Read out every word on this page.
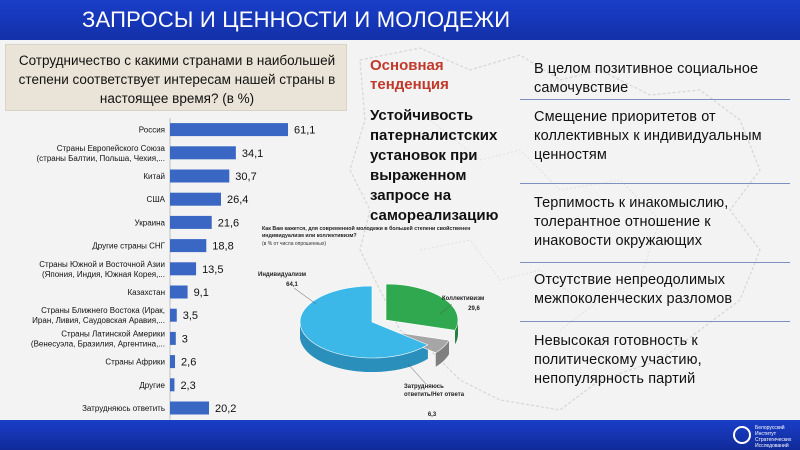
ЗАПРОСЫ И ЦЕННОСТИ И МОЛОДЕЖИ
Сотрудничество с какими странами в наибольшей степени соответствует интересам нашей страны в настоящее время? (в %)
61,1
Россия
34,1
Страны Европейского Союза (страны Балтии, Польша, Чехия,...
30,7
Китай
26,4
США
21,6
Украина
18,8
Другие страны СНГ
13,5
Страны Южной и Восточной Азии (Япония, Индия, Южная Корея,...
9,1
Казахстан
3,5
Страны Ближнего Востока (Ирак, Иран, Ливия, Саудовская Аравия,...
3
Страны Латинской Америки (Венесуэла, Бразилия, Аргентина,...
2,6
Страны Африки
2,3
Другие
20,2
Затрудняюсь ответить

Основная тенденция

Устойчивость патерналистских установок при выраженном запросе на самореализацию

В целом позитивное социальное самочувствие
Смещение приоритетов от коллективных к индивидуальным ценностям
Терпимость к инакомыслию, толерантное отношение к инаковости окружающих
Отсутствие непреодолимых межпоколенческих разломов
Невысокая готовность к политическому участию, непопулярность партий
Как Вам кажется, для современной молодежи в большей степени свойственен индивидуализм или коллективизм?
(в % от числа опрошенных)
Индивидуализм
64,1
Коллективизм
29,6
Затрудняюсь ответить/Нет ответа
6,3
Белорусский Институт Стратегических Исследований
